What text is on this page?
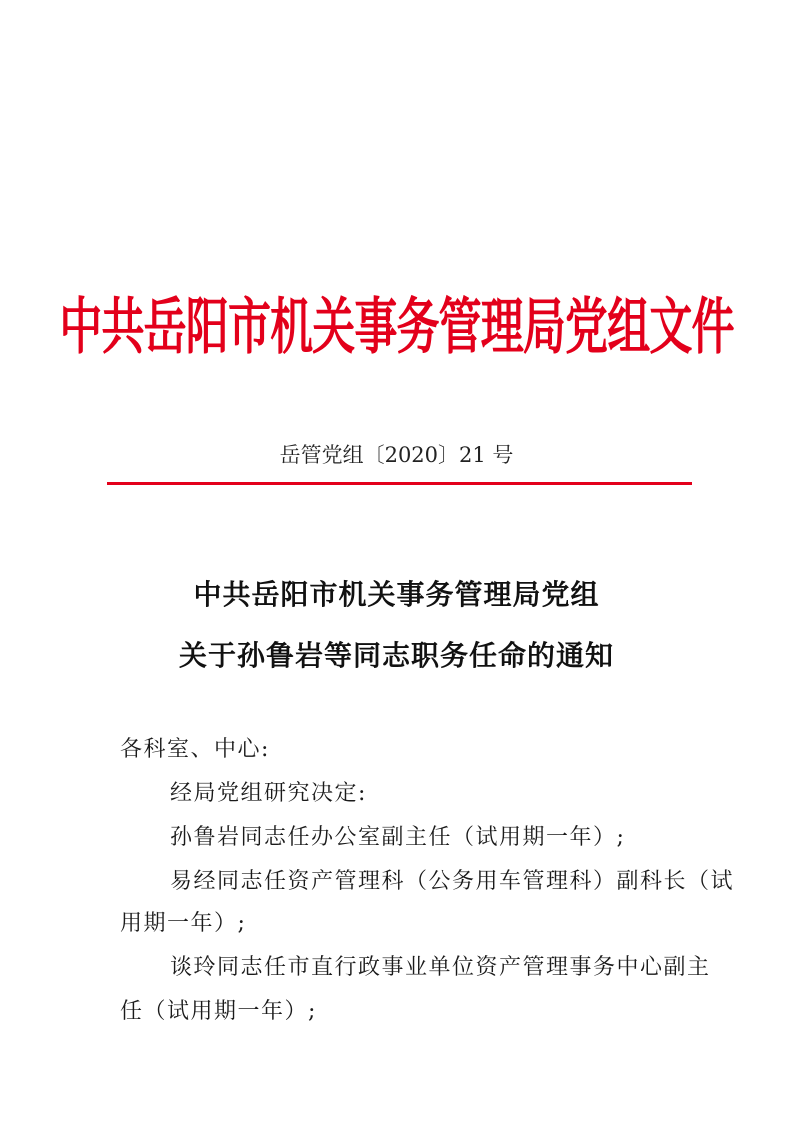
中共岳阳市机关事务管理局党组文件
岳管党组〔2020〕21 号
中共岳阳市机关事务管理局党组
关于孙鲁岩等同志职务任命的通知
各科室、中心:
经局党组研究决定:
孙鲁岩同志任办公室副主任（试用期一年）;
易经同志任资产管理科（公务用车管理科）副科长（试
用期一年）;
谈玲同志任市直行政事业单位资产管理事务中心副主
任（试用期一年）;
